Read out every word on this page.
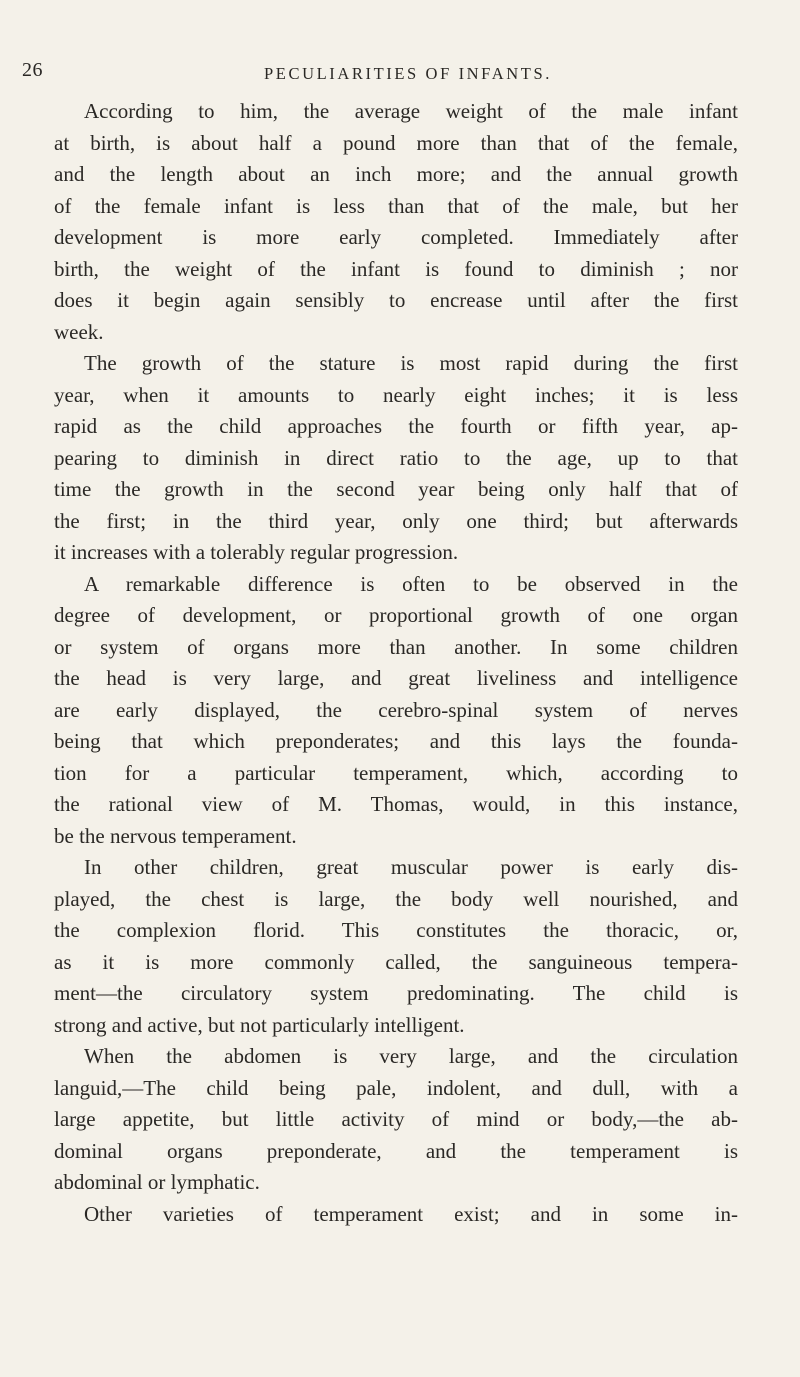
26	PECULIARITIES OF INFANTS.
According to him, the average weight of the male infant
at birth, is about half a pound more than that of the female,
and the length about an inch more; and the annual growth
of the female infant is less than that of the male, but her
development is more early completed. Immediately after
birth, the weight of the infant is found to diminish ; nor
does it begin again sensibly to encrease until after the first
week.
The growth of the stature is most rapid during the first
year, when it amounts to nearly eight inches; it is less
rapid as the child approaches the fourth or fifth year, ap-
pearing to diminish in direct ratio to the age, up to that
time the growth in the second year being only half that of
the first; in the third year, only one third; but afterwards
it increases with a tolerably regular progression.
A remarkable difference is often to be observed in the
degree of development, or proportional growth of one organ
or system of organs more than another. In some children
the head is very large, and great liveliness and intelligence
are early displayed, the cerebro-spinal system of nerves
being that which preponderates; and this lays the founda-
tion for a particular temperament, which, according to
the rational view of M. Thomas, would, in this instance,
be the nervous temperament.
In other children, great muscular power is early dis-
played, the chest is large, the body well nourished, and
the complexion florid. This constitutes the thoracic, or,
as it is more commonly called, the sanguineous tempera-
ment—the circulatory system predominating. The child is
strong and active, but not particularly intelligent.
When the abdomen is very large, and the circulation
languid,—The child being pale, indolent, and dull, with a
large appetite, but little activity of mind or body,—the ab-
dominal organs preponderate, and the temperament is
abdominal or lymphatic.
Other varieties of temperament exist; and in some in-
